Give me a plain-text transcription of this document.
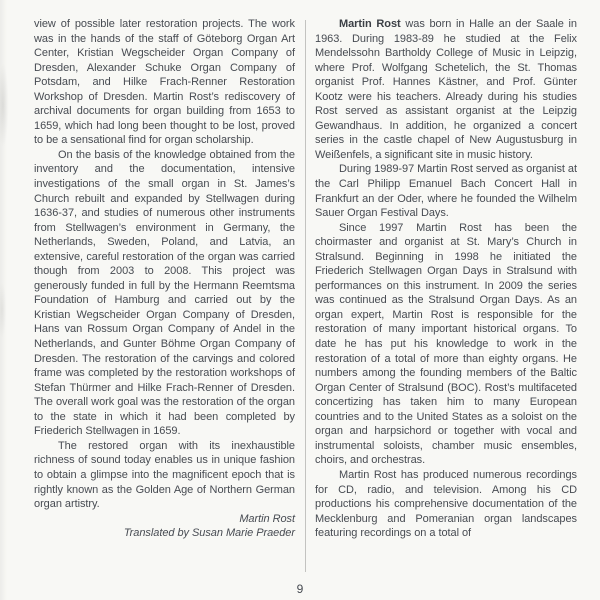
view of possible later restoration projects. The work was in the hands of the staff of Göteborg Organ Art Center, Kristian Wegscheider Organ Company of Dresden, Alexander Schuke Organ Company of Potsdam, and Hilke Frach-Renner Restoration Workshop of Dresden. Martin Rost’s rediscovery of archival documents for organ building from 1653 to 1659, which had long been thought to be lost, proved to be a sensational find for organ scholarship.

On the basis of the knowledge obtained from the inventory and the documentation, intensive investigations of the small organ in St. James’s Church rebuilt and expanded by Stellwagen during 1636-37, and studies of numerous other instruments from Stellwagen’s environment in Germany, the Netherlands, Sweden, Poland, and Latvia, an extensive, careful restoration of the organ was carried though from 2003 to 2008. This project was generously funded in full by the Hermann Reemtsma Foundation of Hamburg and carried out by the Kristian Wegscheider Organ Company of Dresden, Hans van Rossum Organ Company of Andel in the Netherlands, and Gunter Böhme Organ Company of Dresden. The restoration of the carvings and colored frame was completed by the restoration workshops of Stefan Thürmer and Hilke Frach-Renner of Dresden. The overall work goal was the restoration of the organ to the state in which it had been completed by Friederich Stellwagen in 1659.

The restored organ with its inexhaustible richness of sound today enables us in unique fashion to obtain a glimpse into the magnificent epoch that is rightly known as the Golden Age of Northern German organ artistry.

Martin Rost

Translated by Susan Marie Praeder

Martin Rost was born in Halle an der Saale in 1963. During 1983-89 he studied at the Felix Mendelssohn Bartholdy College of Music in Leipzig, where Prof. Wolfgang Schetelich, the St. Thomas organist Prof. Hannes Kästner, and Prof. Günter Kootz were his teachers. Already during his studies Rost served as assistant organist at the Leipzig Gewandhaus. In addition, he organized a concert series in the castle chapel of New Augustusburg in Weißenfels, a significant site in music history.

During 1989-97 Martin Rost served as organist at the Carl Philipp Emanuel Bach Concert Hall in Frankfurt an der Oder, where he founded the Wilhelm Sauer Organ Festival Days.

Since 1997 Martin Rost has been the choirmaster and organist at St. Mary’s Church in Stralsund. Beginning in 1998 he initiated the Friederich Stellwagen Organ Days in Stralsund with performances on this instrument. In 2009 the series was continued as the Stralsund Organ Days. As an organ expert, Martin Rost is responsible for the restoration of many important historical organs. To date he has put his knowledge to work in the restoration of a total of more than eighty organs. He numbers among the founding members of the Baltic Organ Center of Stralsund (BOC). Rost’s multifaceted concertizing has taken him to many European countries and to the United States as a soloist on the organ and harpsichord or together with vocal and instrumental soloists, chamber music ensembles, choirs, and orchestras.

Martin Rost has produced numerous recordings for CD, radio, and television. Among his CD productions his comprehensive documentation of the Mecklenburg and Pomeranian organ landscapes featuring recordings on a total of

9
